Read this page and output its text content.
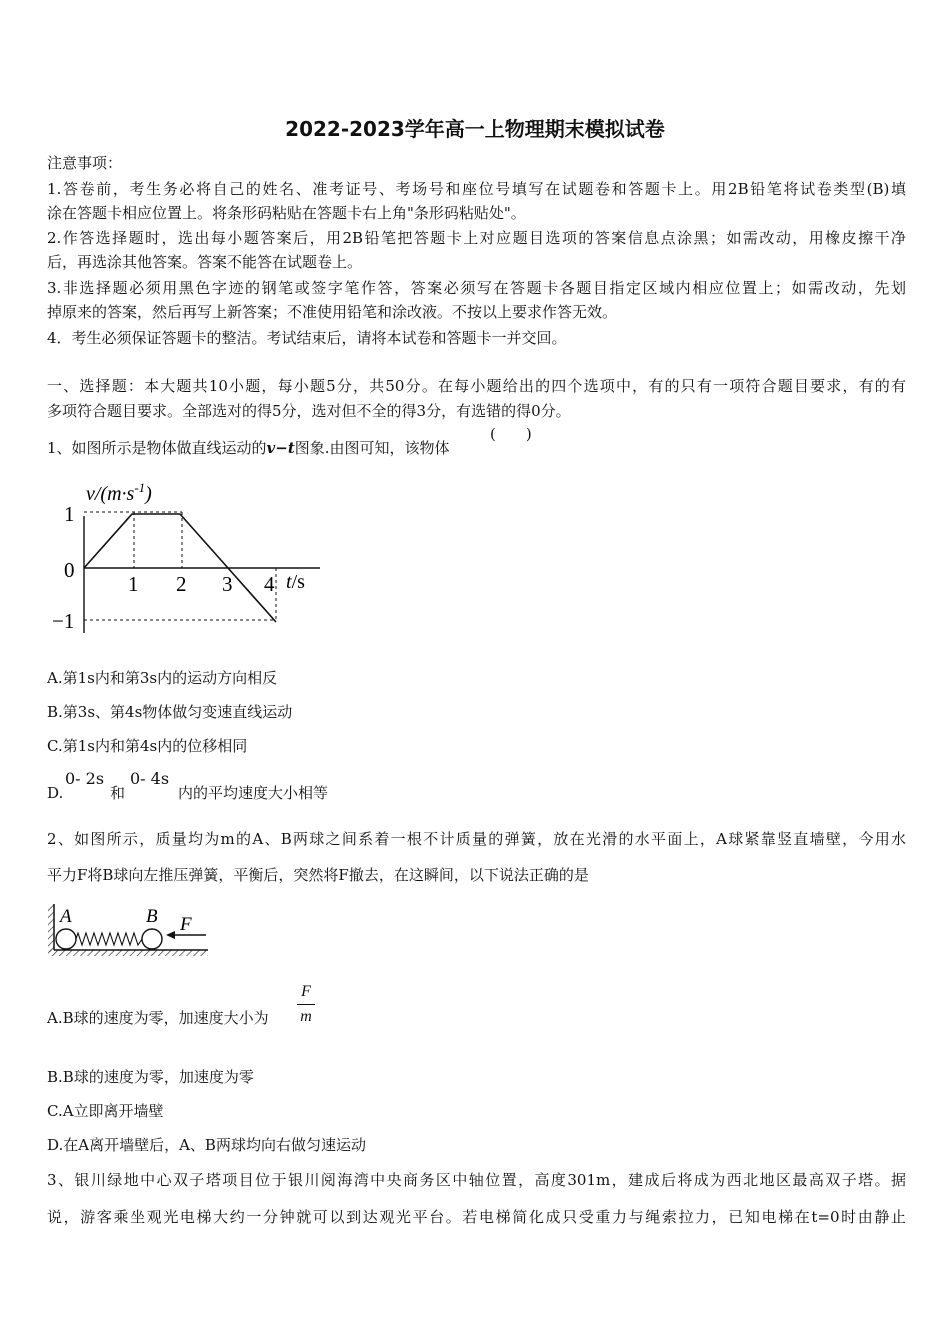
2022-2023学年高一上物理期末模拟试卷
注意事项：
1.答卷前，考生务必将自己的姓名、准考证号、考场号和座位号填写在试题卷和答题卡上。用2B铅笔将试卷类型(B)填
涂在答题卡相应位置上。将条形码粘贴在答题卡右上角"条形码粘贴处"。
2.作答选择题时，选出每小题答案后，用2B铅笔把答题卡上对应题目选项的答案信息点涂黑；如需改动，用橡皮擦干净
后，再选涂其他答案。答案不能答在试题卷上。
3.非选择题必须用黑色字迹的钢笔或签字笔作答，答案必须写在答题卡各题目指定区域内相应位置上；如需改动，先划
掉原来的答案，然后再写上新答案；不准使用铅笔和涂改液。不按以上要求作答无效。
4．考生必须保证答题卡的整洁。考试结束后，请将本试卷和答题卡一并交回。
一、选择题：本大题共10小题，每小题5分，共50分。在每小题给出的四个选项中，有的只有一项符合题目要求，有的有
多项符合题目要求。全部选对的得5分，选对但不全的得3分，有选错的得0分。
1、如图所示是物体做直线运动的v−t图象.由图可知，该物体
(　　)
$v/(m\cdot s^{-1})$
1
0
−1
1 2 3 4 t/s
A.第1s内和第3s内的运动方向相反
B.第3s、第4s物体做匀变速直线运动
C.第1s内和第4s内的位移相同
D.
0- 2s
和
0- 4s
内的平均速度大小相等
2、如图所示，质量均为m的A、B两球之间系着一根不计质量的弹簧，放在光滑的水平面上，A球紧靠竖直墙壁，今用水
平力F将B球向左推压弹簧，平衡后，突然将F撤去，在这瞬间，以下说法正确的是
A	B F
A.B球的速度为零，加速度大小为
F
m
B.B球的速度为零，加速度为零
C.A立即离开墙壁
D.在A离开墙壁后，A、B两球均向右做匀速运动
3、银川绿地中心双子塔项目位于银川阅海湾中央商务区中轴位置，高度301m，建成后将成为西北地区最高双子塔。据
说，游客乘坐观光电梯大约一分钟就可以到达观光平台。若电梯简化成只受重力与绳索拉力，已知电梯在t=0时由静止
